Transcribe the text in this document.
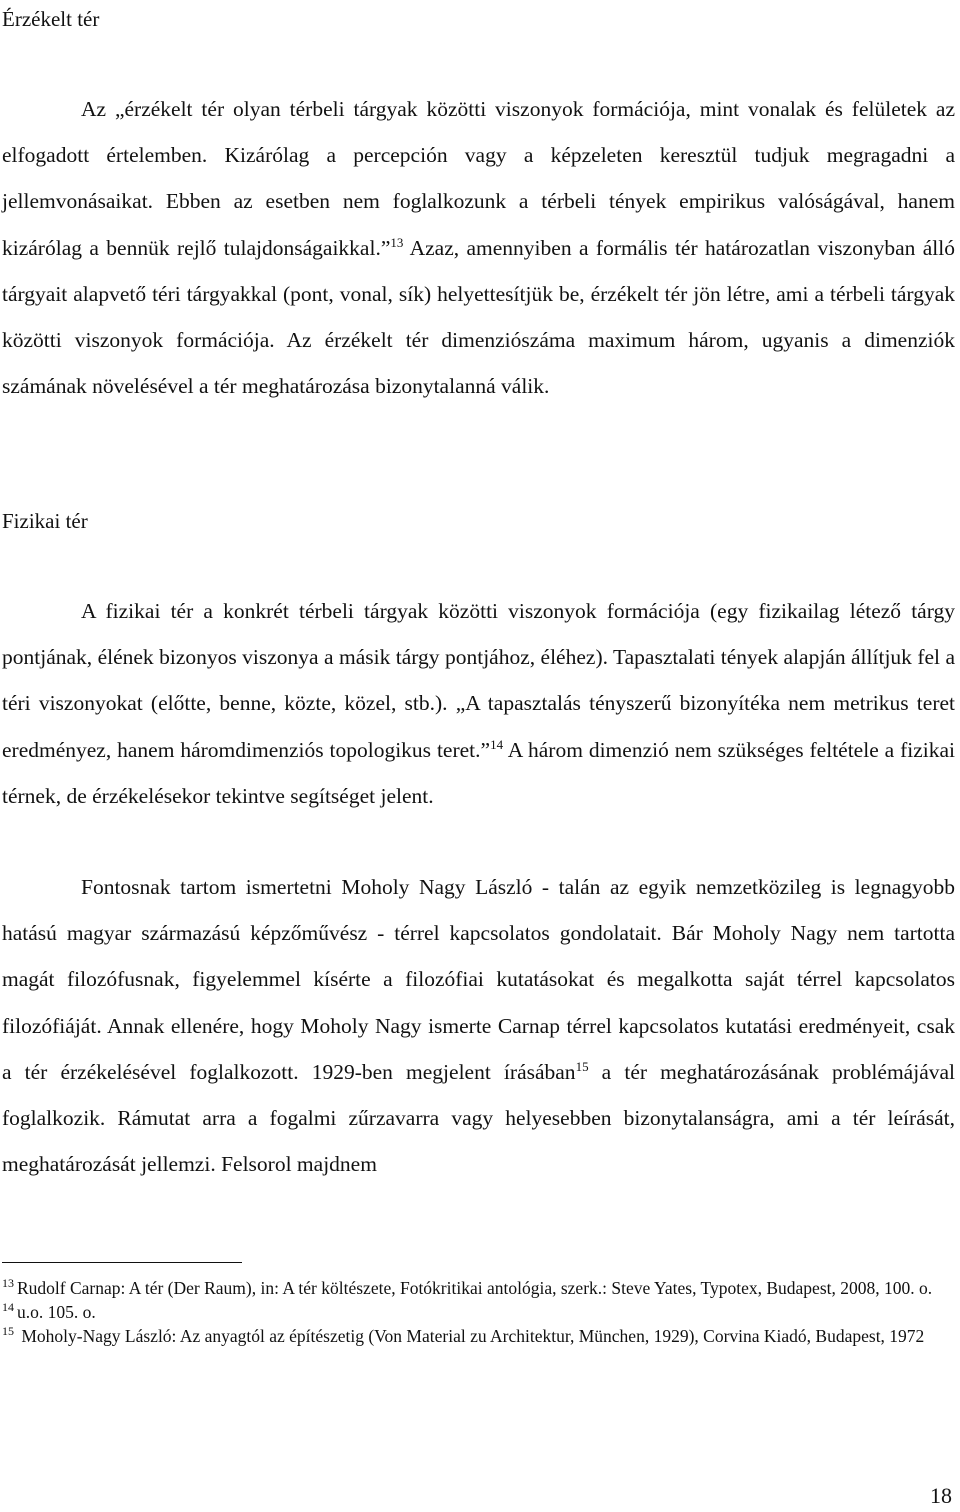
Érzékelt tér

Az „érzékelt tér olyan térbeli tárgyak közötti viszonyok formációja, mint vonalak és felületek az elfogadott értelemben. Kizárólag a percepción vagy a képzeleten keresztül tudjuk megragadni a jellemvonásaikat. Ebben az esetben nem foglalkozunk a térbeli tények empirikus valóságával, hanem kizárólag a bennük rejlő tulajdonságaikkal.”$^{13}$ Azaz, amennyiben a formális tér határozatlan viszonyban álló tárgyait alapvető téri tárgyakkal (pont, vonal, sík) helyettesítjük be, érzékelt tér jön létre, ami a térbeli tárgyak közötti viszonyok formációja. Az érzékelt tér dimenziószáma maximum három, ugyanis a dimenziók számának növelésével a tér meghatározása bizonytalanná válik.

Fizikai tér

A fizikai tér a konkrét térbeli tárgyak közötti viszonyok formációja (egy fizikailag létező tárgy pontjának, élének bizonyos viszonya a másik tárgy pontjához, éléhez). Tapasztalati tények alapján állítjuk fel a téri viszonyokat (előtte, benne, közte, közel, stb.). „A tapasztalás tényszerű bizonyítéka nem metrikus teret eredményez, hanem háromdimenziós topologikus teret.”$^{14}$ A három dimenzió nem szükséges feltétele a fizikai térnek, de érzékelésekor tekintve segítséget jelent.

Fontosnak tartom ismertetni Moholy Nagy László - talán az egyik nemzetközileg is legnagyobb hatású magyar származású képzőművész - térrel kapcsolatos gondolatait. Bár Moholy Nagy nem tartotta magát filozófusnak, figyelemmel kísérte a filozófiai kutatásokat és megalkotta saját térrel kapcsolatos filozófiáját. Annak ellenére, hogy Moholy Nagy ismerte Carnap térrel kapcsolatos kutatási eredményeit, csak a tér érzékelésével foglalkozott. 1929-ben megjelent írásában$^{15}$ a tér meghatározásának problémájával foglalkozik. Rámutat arra a fogalmi zűrzavarra vagy helyesebben bizonytalanságra, ami a tér leírását, meghatározását jellemzi. Felsorol majdnem

$^{13}$ Rudolf Carnap: A tér (Der Raum), in: A tér költészete, Fotókritikai antológia, szerk.: Steve Yates, Typotex, Budapest, 2008, 100. o.
$^{14}$ u.o. 105. o.
$^{15}$ Moholy-Nagy László: Az anyagtól az építészetig (Von Material zu Architektur, München, 1929), Corvina Kiadó, Budapest, 1972
18
